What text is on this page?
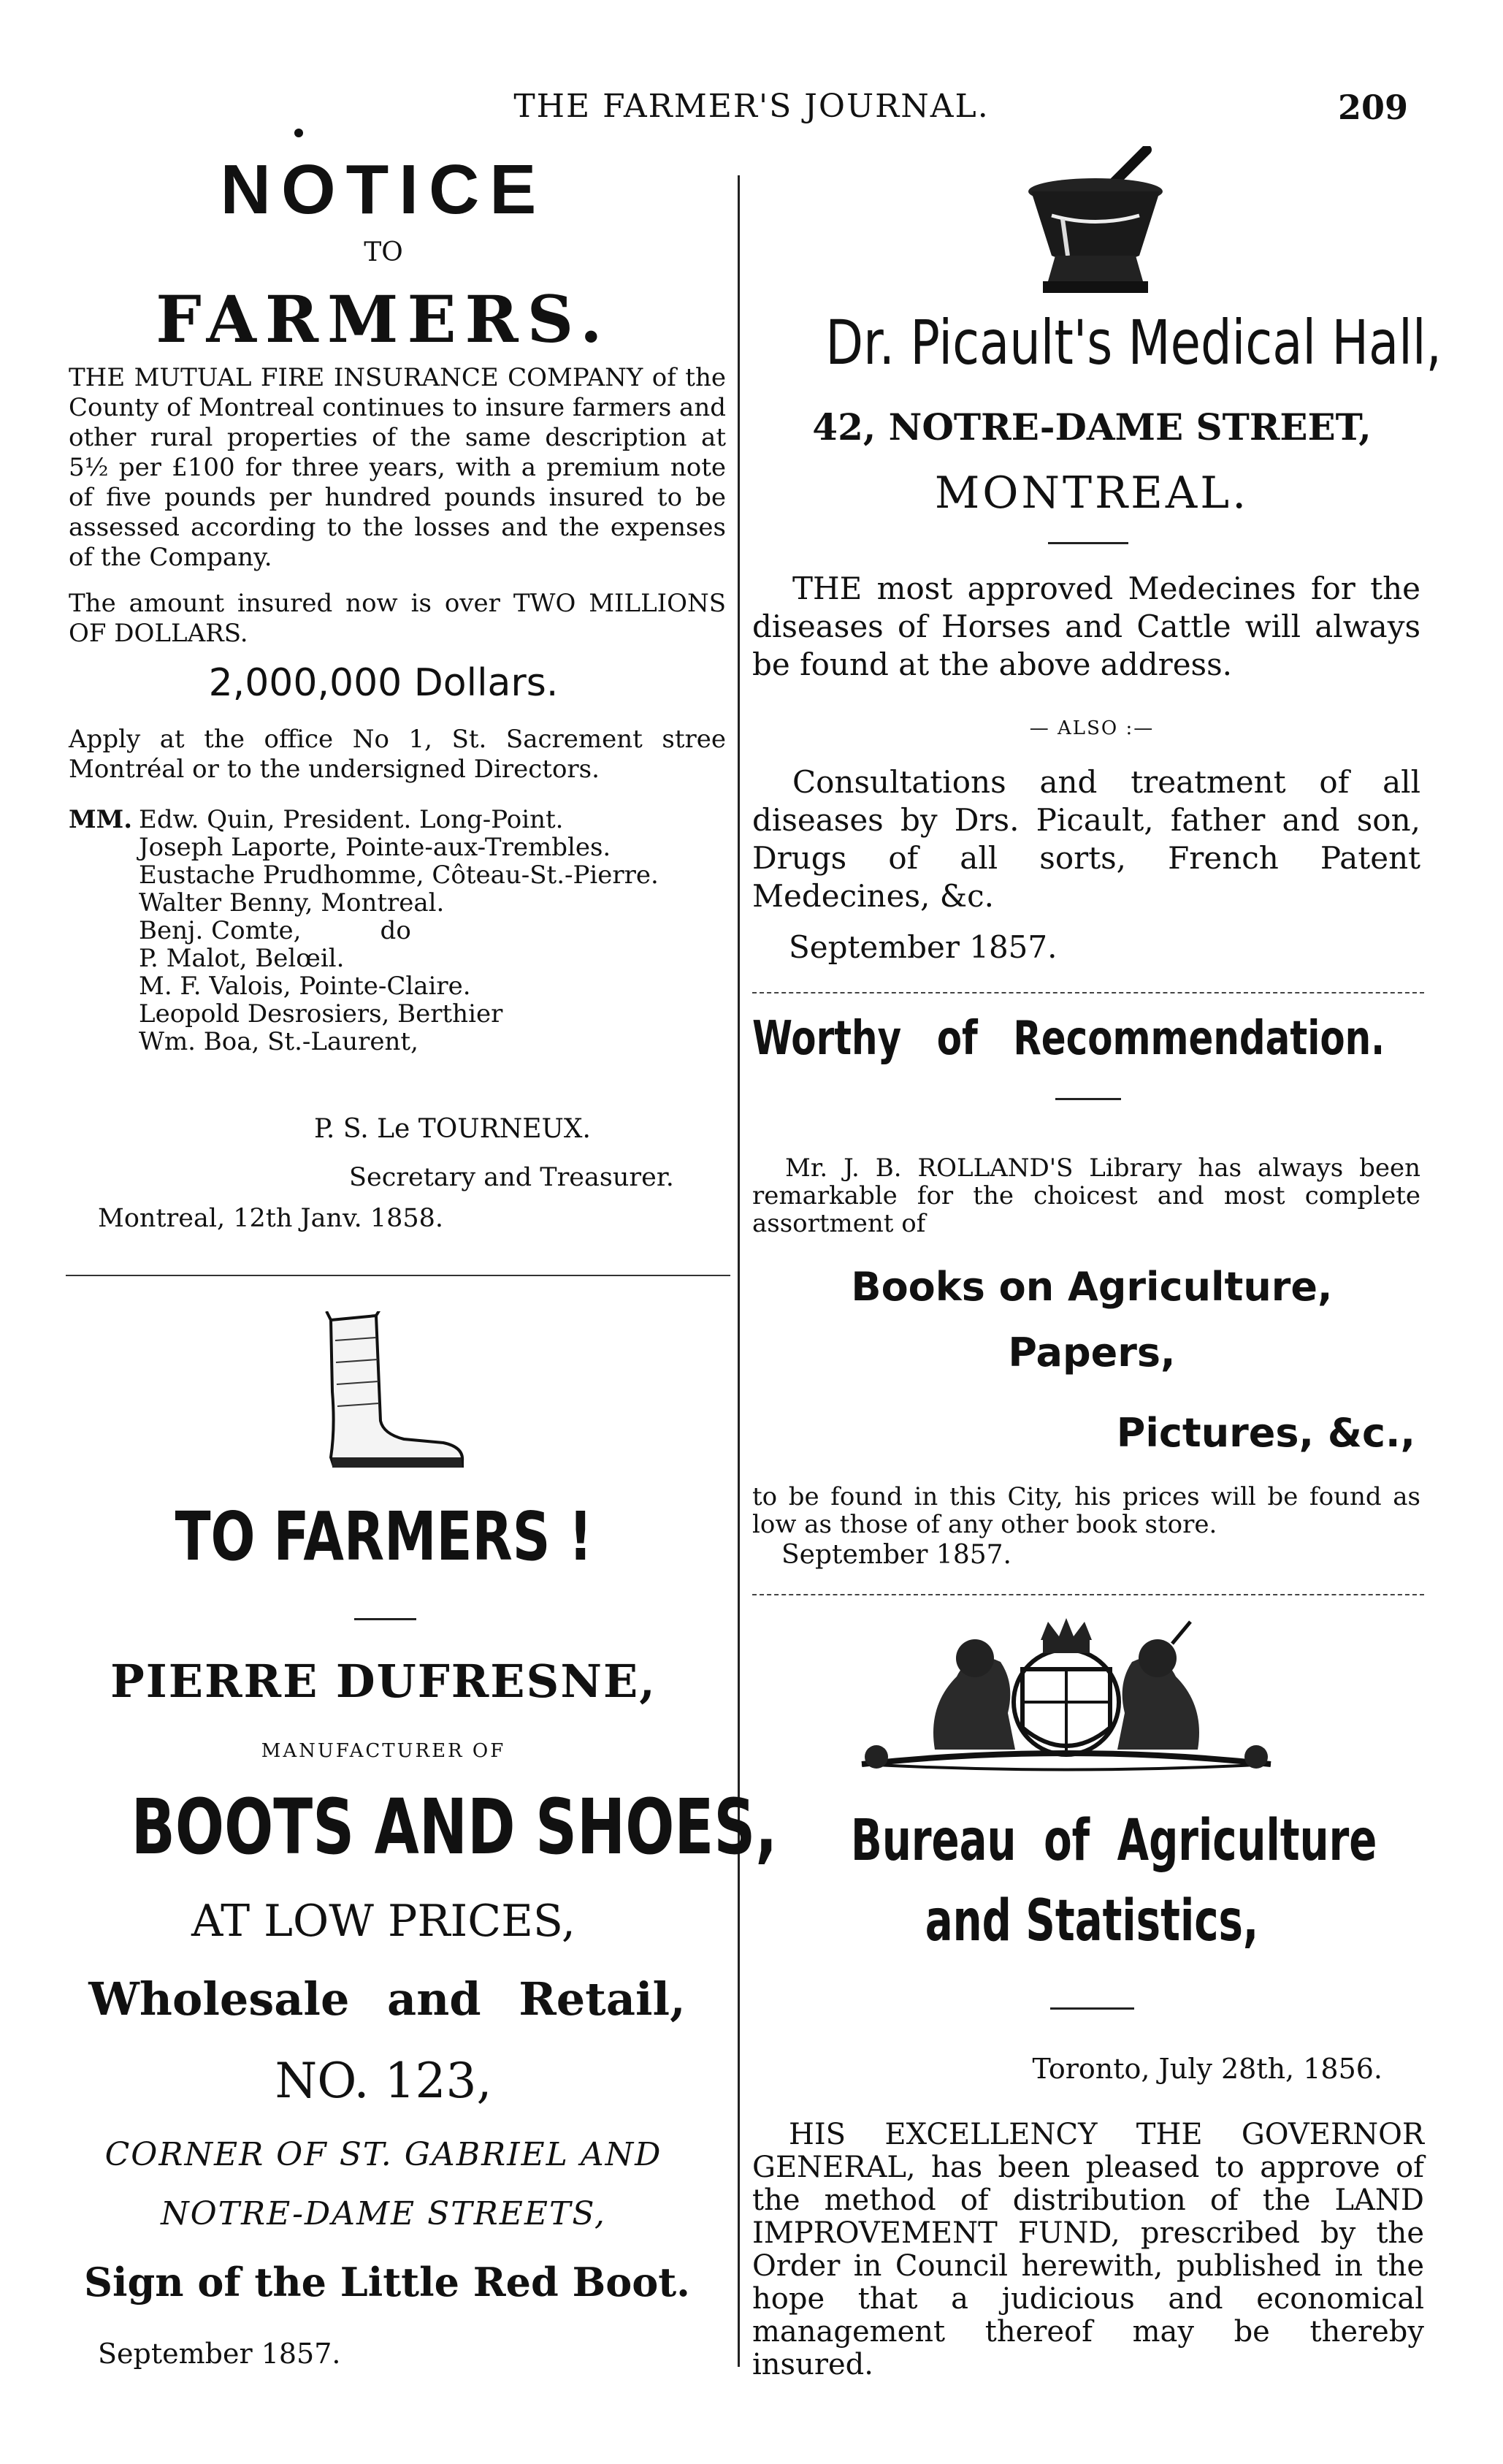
THE FARMER'S JOURNAL.	209
NOTICE
TO
FARMERS.
THE MUTUAL FIRE INSURANCE COMPANY of the County of Montreal continues to insure farmers and other rural properties of the same description at 5½ per £100 for three years, with a premium note of five pounds per hundred pounds insured to be assessed according to the losses and the expenses of the Company.
The amount insured now is over TWO MILLIONS OF DOLLARS.
2,000,000 Dollars.
Apply at the office No 1, St. Sacrement stree Montréal or to the undersigned Directors.
MM. Edw. Quin, President. Long-Point.
Joseph Laporte, Pointe-aux-Trembles.
Eustache Prudhomme, Côteau-St.-Pierre.
Walter Benny, Montreal.
Benj. Comte,          do
P. Malot, Belœil.
M. F. Valois, Pointe-Claire.
Leopold Desrosiers, Berthier
Wm. Boa, St.-Laurent,
P. S. Le TOURNEUX.
Secretary and Treasurer.
Montreal, 12th Janv. 1858.
TO FARMERS !
PIERRE DUFRESNE,
MANUFACTURER OF
BOOTS AND SHOES,
AT LOW PRICES,
Wholesale and Retail,
NO. 123,
CORNER OF ST. GABRIEL AND
NOTRE-DAME STREETS,
Sign of the Little Red Boot.
September 1857.
Dr. Picault's Medical Hall,
42, NOTRE-DAME STREET,
MONTREAL.
THE most approved Medecines for the diseases of Horses and Cattle will always be found at the above address.
— ALSO :—
Consultations and treatment of all diseases by Drs. Picault, father and son, Drugs of all sorts, French Patent Medecines, &c.
September 1857.
Worthy of Recommendation.
Mr. J. B. ROLLAND'S Library has always been remarkable for the choicest and most complete assortment of
Books on Agriculture,
Papers,
Pictures, &c.,
to be found in this City, his prices will be found as low as those of any other book store.
September 1857.
Bureau of Agriculture
and Statistics,
Toronto, July 28th, 1856.
HIS EXCELLENCY THE GOVERNOR GENERAL, has been pleased to approve of the method of distribution of the LAND IMPROVEMENT FUND, prescribed by the Order in Council herewith, published in the hope that a judicious and economical management thereof may be thereby insured.
